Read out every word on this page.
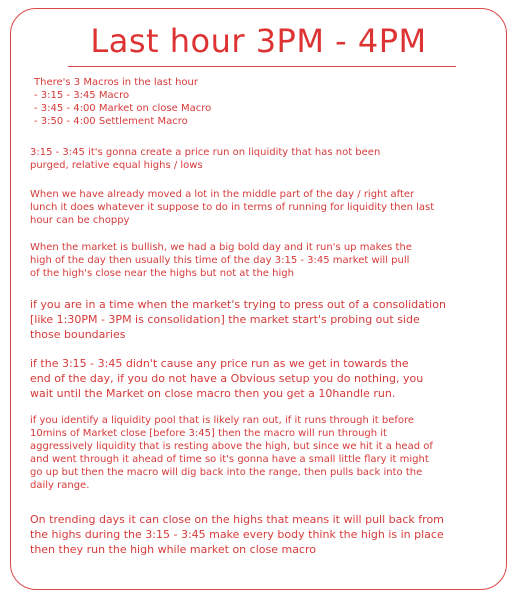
Last hour 3PM - 4PM
There's 3 Macros in the last hour
- 3:15 - 3:45 Macro
- 3:45 - 4:00 Market on close Macro
- 3:50 - 4:00 Settlement Macro
3:15 - 3:45 it's gonna create a price run on liquidity that has not been
purged, relative equal highs / lows
When we have already moved a lot in the middle part of the day / right after
lunch it does whatever it suppose to do in terms of running for liquidity then last
hour can be choppy
When the market is bullish, we had a big bold day and it run's up makes the
high of the day then usually this time of the day 3:15 - 3:45 market will pull
of the high's close near the highs but not at the high
if you are in a time when the market's trying to press out of a consolidation
[like 1:30PM - 3PM is consolidation] the market start's probing out side
those boundaries
if the 3:15 - 3:45 didn't cause any price run as we get in towards the
end of the day, if you do not have a Obvious setup you do nothing, you
wait until the Market on close macro then you get a 10handle run.
if you identify a liquidity pool that is likely ran out, if it runs through it before
10mins of Market close [before 3:45] then the macro will run through it
aggressively liquidity that is resting above the high, but since we hit it a head of
and went through it ahead of time so it's gonna have a small little flary it might
go up but then the macro will dig back into the range, then pulls back into the
daily range.
On trending days it can close on the highs that means it will pull back from
the highs during the 3:15 - 3:45 make every body think the high is in place
then they run the high while market on close macro
